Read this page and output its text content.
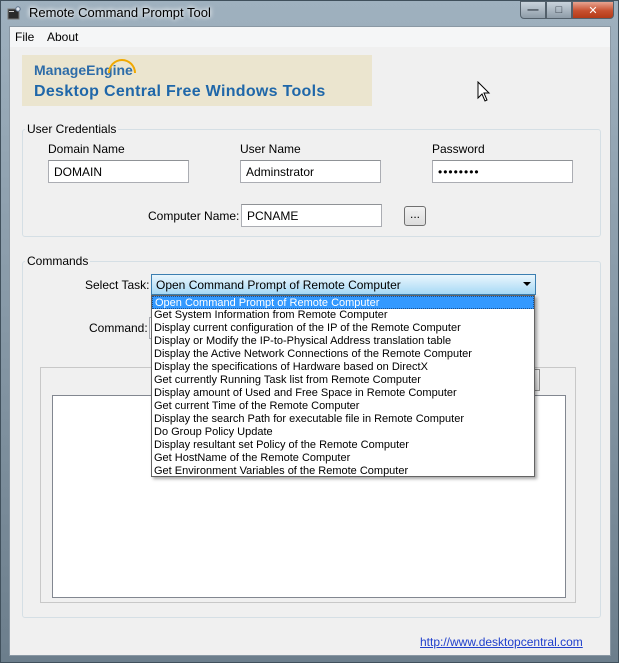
Remote Command Prompt Tool	—	□	✕
File About
ManageEngine
Desktop Central Free Windows Tools
User Credentials
Domain Name
DOMAIN
User Name
Adminstrator
Password
••••••••
Computer Name: PCNAME	...
Commands
Select Task: Open Command Prompt of Remote Computer
Command:
Open Command Prompt of Remote Computer
Get System Information from Remote Computer
Display current configuration of the IP of the Remote Computer
Display or Modify the IP-to-Physical Address translation table
Display the Active Network Connections of the Remote Computer
Display the specifications of Hardware based on DirectX
Get currently Running Task list from Remote Computer
Display amount of Used and Free Space in Remote Computer
Get current Time of the Remote Computer
Display the search Path for executable file in Remote Computer
Do Group Policy Update
Display resultant set Policy of the Remote Computer
Get HostName of the Remote Computer
Get Environment Variables of the Remote Computer
http://www.desktopcentral.com
